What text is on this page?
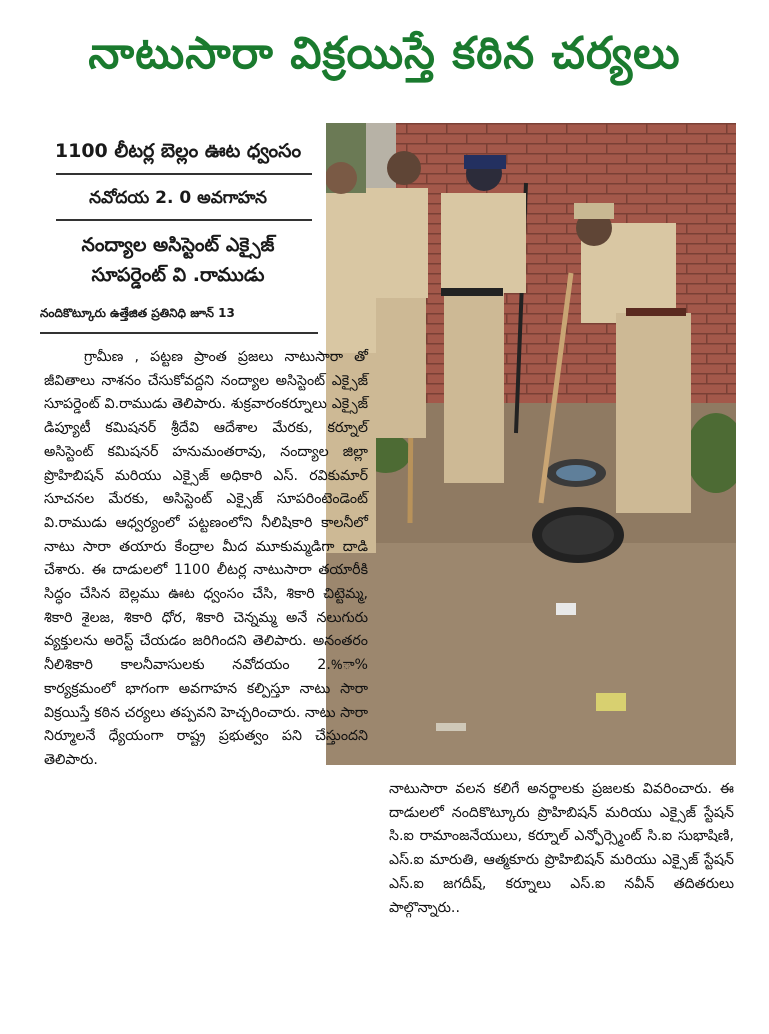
నాటుసారా విక్రయిస్తే కఠిన చర్యలు
1100 లీటర్ల బెల్లం ఊట ధ్వంసం
నవోదయ 2. 0 అవగాహన
నంద్యాల అసిస్టెంట్ ఎక్సైజ్
సూపర్డెంట్ వి .రాముడు
నందికొట్కూరు ఉత్తేజిత ప్రతినిధి జూన్ 13
గ్రామీణ , పట్టణ ప్రాంత ప్రజలు నాటుసారా తో జీవితాలు నాశనం చేసుకోవద్దని నంద్యాల అసిస్టెంట్ ఎక్సైజ్ సూపర్డెంట్ వి.రాముడు తెలిపారు. శుక్రవారంకర్నూలు ఎక్సైజ్ డిప్యూటీ కమిషనర్ శ్రీదేవి ఆదేశాల మేరకు, కర్నూల్ అసిస్టెంట్ కమిషనర్ హనుమంతరావు, నంద్యాల జిల్లా ప్రొహిబిషన్ మరియు ఎక్సైజ్ అధికారి ఎస్. రవికుమార్ సూచనల మేరకు, అసిస్టెంట్ ఎక్సైజ్ సూపరింటెండెంట్ వి.రాముడు ఆధ్వర్యంలో పట్టణంలోని నీలిషికారి కాలనీలో నాటు సారా తయారు కేంద్రాల మీద మూకుమ్మడిగా దాడి చేశారు. ఈ దాడులలో 1100 లీటర్ల నాటుసారా తయారీకి సిద్ధం చేసిన బెల్లము ఊట ధ్వంసం చేసి, శికారి చిట్టెమ్మ, శికారి శైలజ, శికారి ధోర, శికారి చెన్నమ్మ అనే నలుగురు వ్యక్తులను అరెస్ట్ చేయడం జరిగిందని తెలిపారు. అనంతరం నీలిశికారి కాలనీవాసులకు నవోదయం 2.%ా% కార్యక్రమంలో భాగంగా అవగాహన కల్పిస్తూ నాటు సారా విక్రయిస్తే కఠిన చర్యలు తప్పవని హెచ్చరించారు. నాటు సారా నిర్మూలనే ధ్యేయంగా రాష్ట్ర ప్రభుత్వం పని చేస్తుందని తెలిపారు.
నాటుసారా వలన కలిగే అనర్థాలకు ప్రజలకు వివరించారు. ఈ దాడులలో నందికొట్కూరు ప్రొహిబిషన్ మరియు ఎక్సైజ్ స్టేషన్ సి.ఐ రామాంజనేయులు, కర్నూల్ ఎన్ఫోర్స్మెంట్ సి.ఐ సుభాషిణి, ఎస్.ఐ మారుతి, ఆత్మకూరు ప్రొహిబిషన్ మరియు ఎక్సైజ్ స్టేషన్ ఎస్.ఐ జగదీష్, కర్నూలు ఎస్.ఐ నవీన్ తదితరులు పాల్గొన్నారు..
